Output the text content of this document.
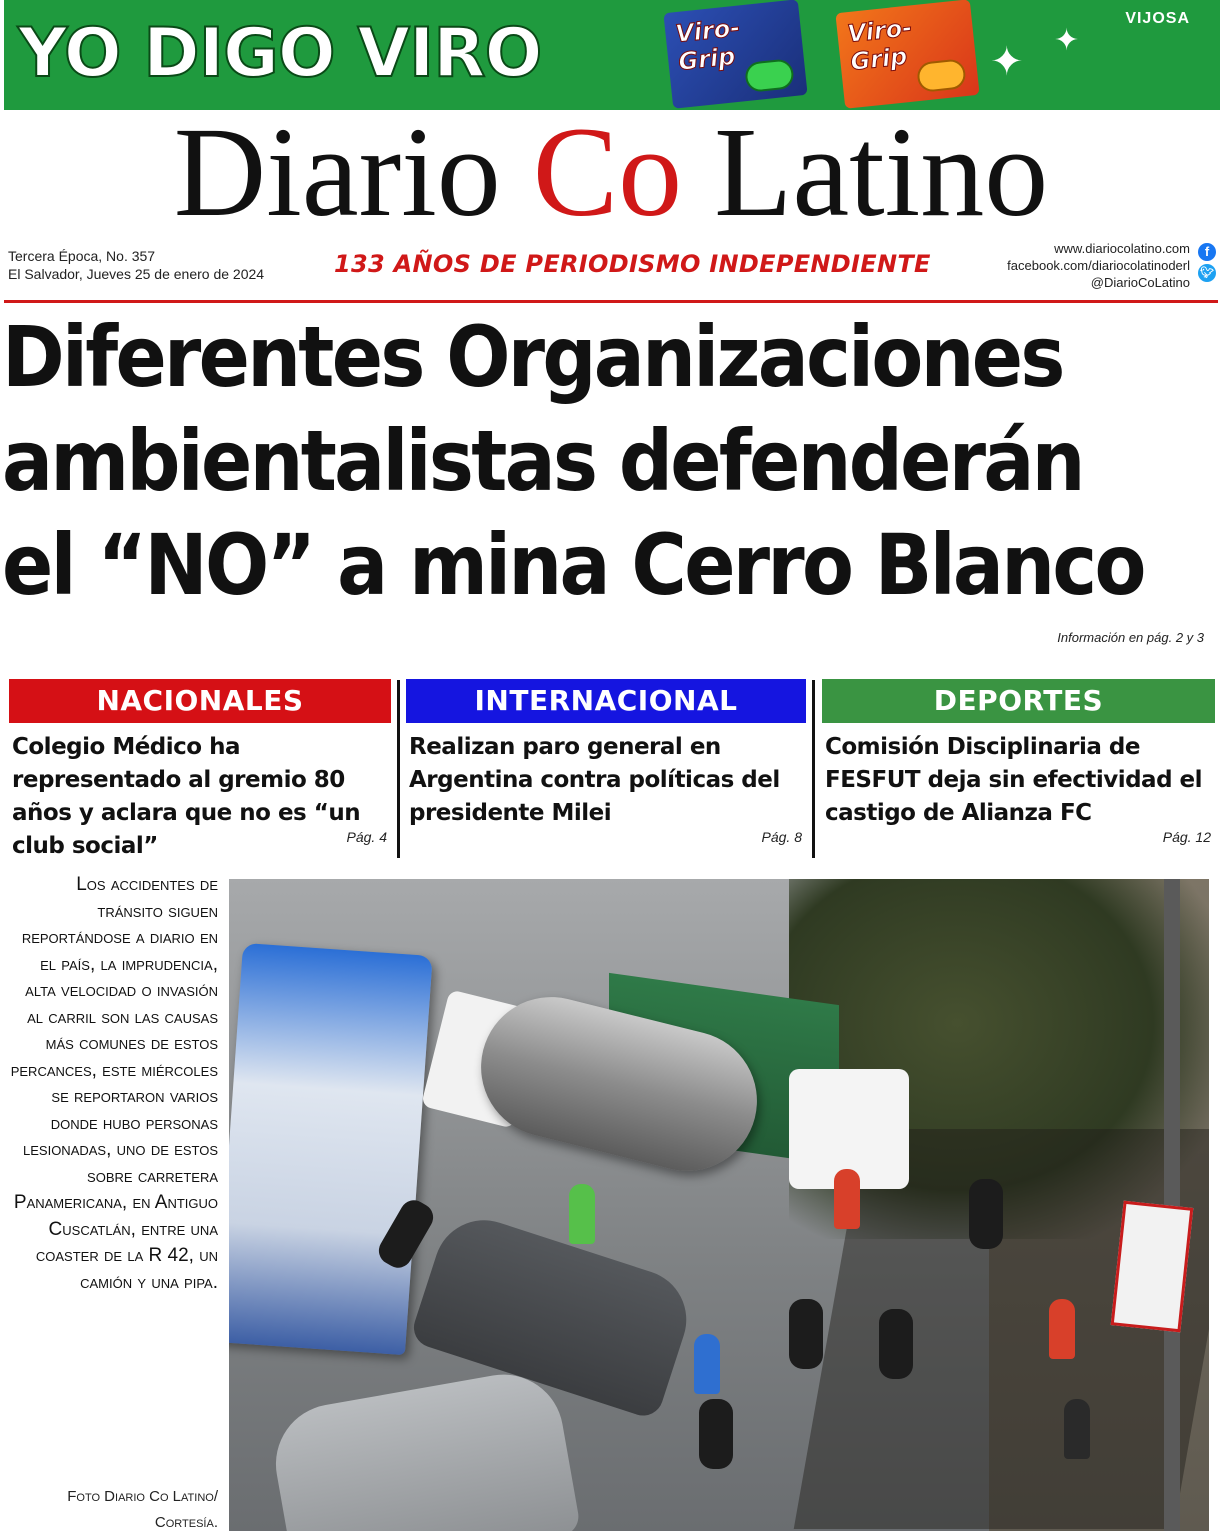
YO DIGO VIRO	Viro-Grip
Viro-Grip	✦ ✦
VIJOSA
Diario Co Latino
Tercera Época, No. 357
El Salvador, Jueves 25 de enero de 2024	133 AÑOS DE PERIODISMO INDEPENDIENTE
www.diariocolatino.com
facebook.com/diariocolatinoderl
@DiarioCoLatino
f
🐦︎
Diferentes Organizaciones
ambientalistas defenderán
el “NO” a mina Cerro Blanco
Información en pág. 2 y 3
NACIONALES
Colegio Médico ha representado al gremio 80 años y aclara que no es “un club social”	Pág. 4
INTERNACIONAL
Realizan paro general en Argentina contra políticas del presidente Milei
Pág. 8
DEPORTES
Comisión Disciplinaria de FESFUT deja sin efectividad el castigo de Alianza FC
Pág. 12
Los accidentes de tránsito siguen reportándose a diario en el país, la imprudencia, alta velocidad o invasión al carril son las causas más comunes de estos percances, este miércoles se reportaron varios donde hubo personas lesionadas, uno de estos sobre carretera Panamericana, en Antiguo Cuscatlán, entre una coaster de la R 42, un camión y una pipa.
Foto Diario Co Latino/ Cortesía.
